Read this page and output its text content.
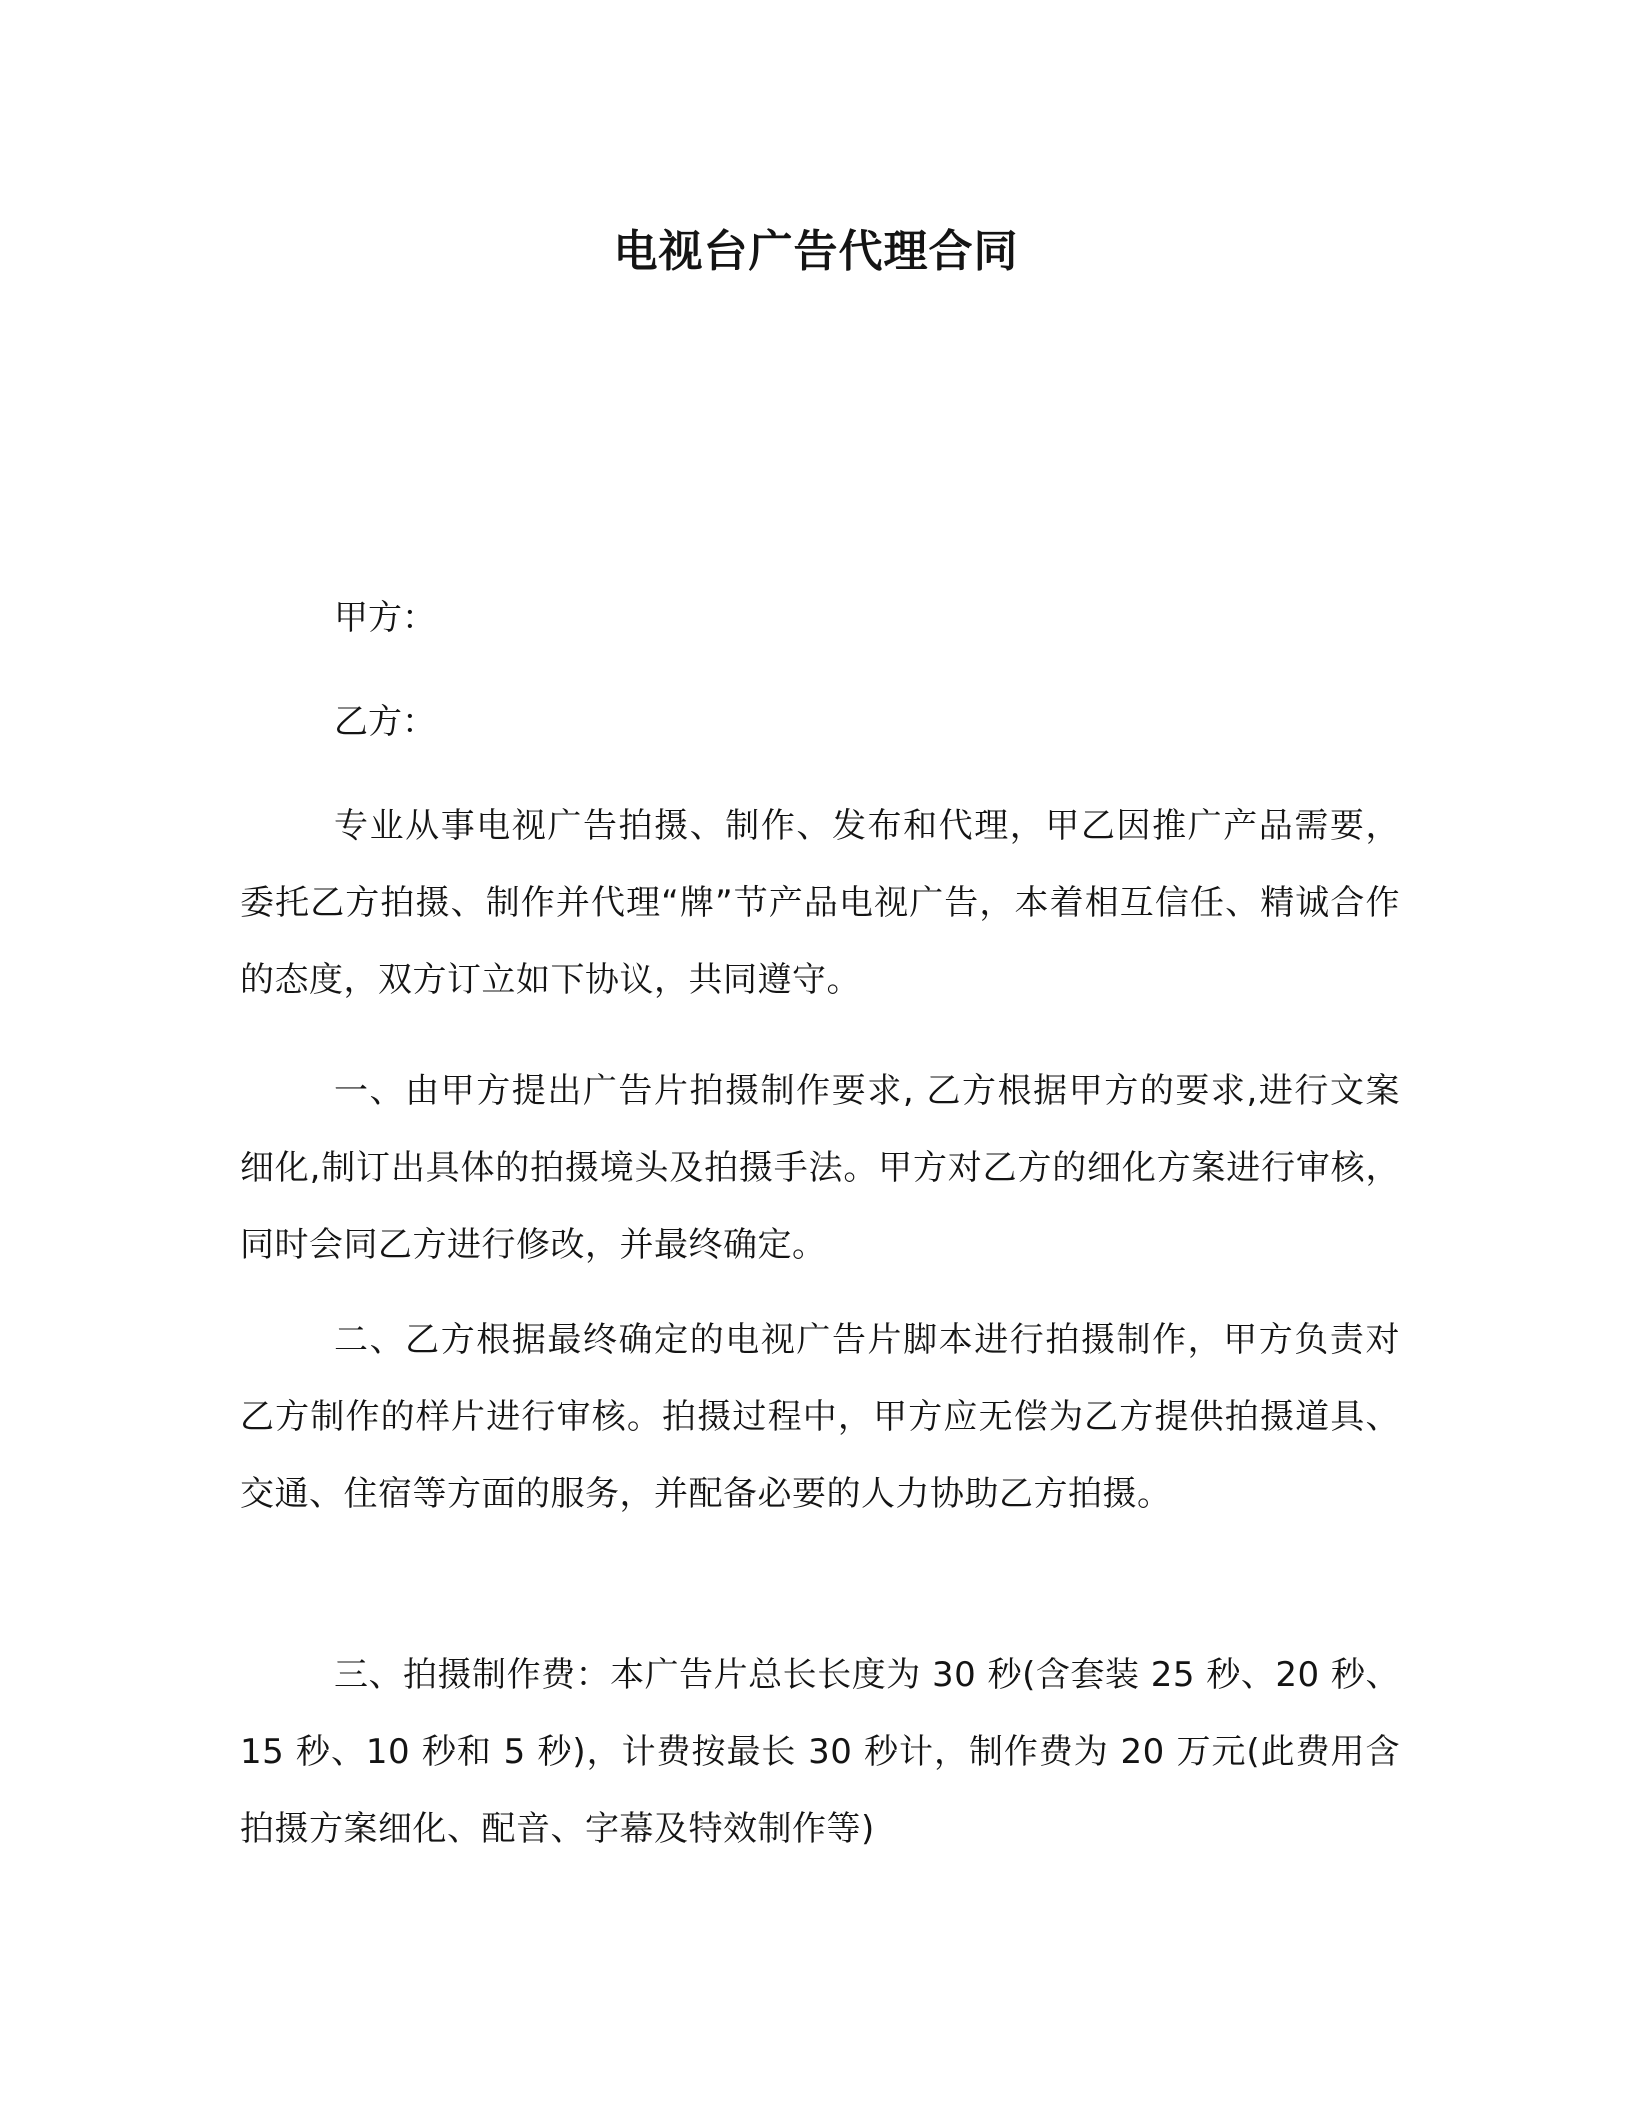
电视台广告代理合同

甲方：

乙方：

专业从事电视广告拍摄、制作、发布和代理，甲乙因推广产品需要，委托乙方拍摄、制作并代理“牌”节产品电视广告，本着相互信任、精诚合作的态度，双方订立如下协议，共同遵守。

一、由甲方提出广告片拍摄制作要求, 乙方根据甲方的要求,进行文案细化,制订出具体的拍摄境头及拍摄手法。甲方对乙方的细化方案进行审核，同时会同乙方进行修改，并最终确定。

二、乙方根据最终确定的电视广告片脚本进行拍摄制作，甲方负责对乙方制作的样片进行审核。拍摄过程中，甲方应无偿为乙方提供拍摄道具、交通、住宿等方面的服务，并配备必要的人力协助乙方拍摄。

三、拍摄制作费：本广告片总长长度为 30 秒(含套装 25 秒、20 秒、15 秒、10 秒和 5 秒)，计费按最长 30 秒计，制作费为 20 万元(此费用含拍摄方案细化、配音、字幕及特效制作等)
